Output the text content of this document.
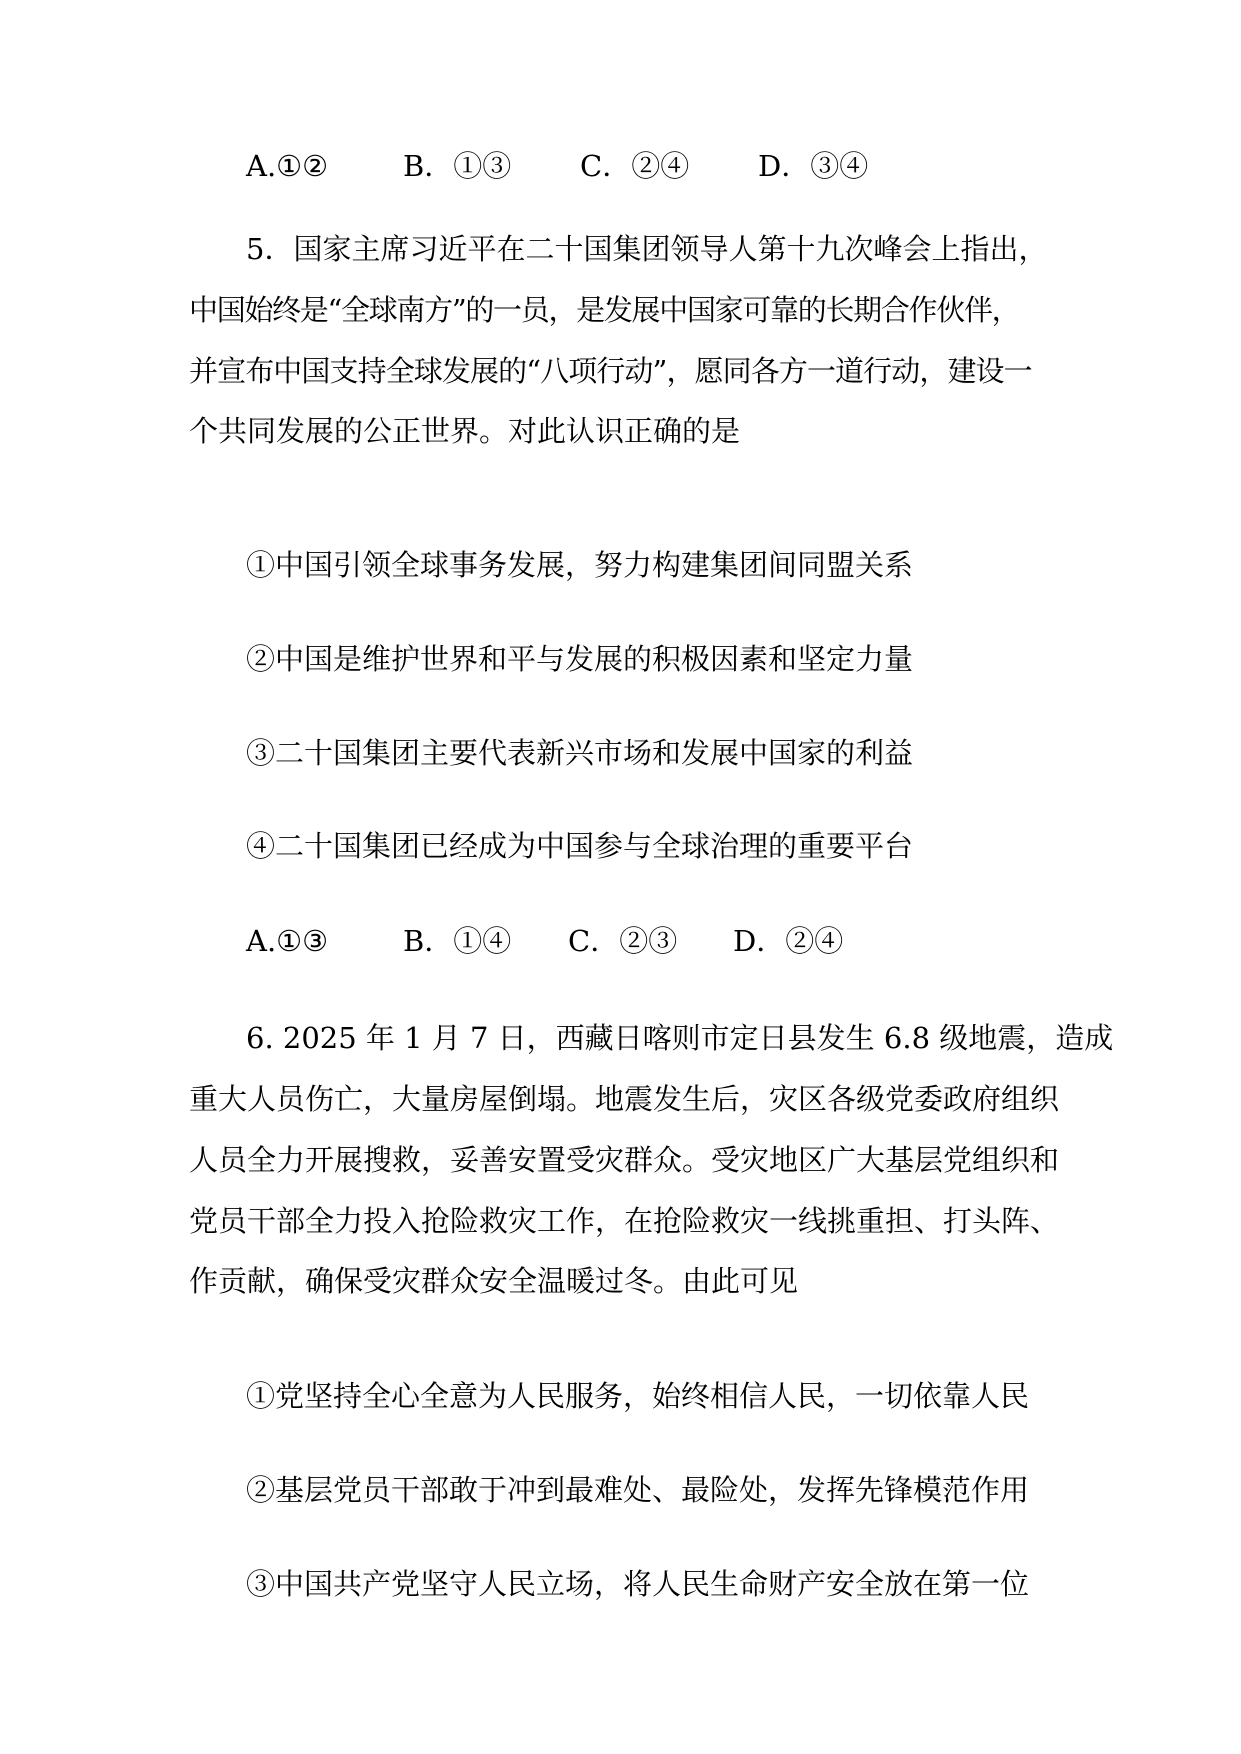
A.①②	B．①③ C．②④ D．③④

5．国家主席习近平在二十国集团领导人第十九次峰会上指出，

中国始终是“全球南方”的一员，是发展中国家可靠的长期合作伙伴，

并宣布中国支持全球发展的“八项行动”，愿同各方一道行动，建设一

个共同发展的公正世界。对此认识正确的是

①中国引领全球事务发展，努力构建集团间同盟关系

②中国是维护世界和平与发展的积极因素和坚定力量

③二十国集团主要代表新兴市场和发展中国家的利益

④二十国集团已经成为中国参与全球治理的重要平台

A.①③	B．①④ C．②③ D．②④

6. 2025 年 1 月 7 日，西藏日喀则市定日县发生 6.8 级地震，造成

重大人员伤亡，大量房屋倒塌。地震发生后，灾区各级党委政府组织

人员全力开展搜救，妥善安置受灾群众。受灾地区广大基层党组织和

党员干部全力投入抢险救灾工作，在抢险救灾一线挑重担、打头阵、

作贡献，确保受灾群众安全温暖过冬。由此可见

①党坚持全心全意为人民服务，始终相信人民，一切依靠人民

②基层党员干部敢于冲到最难处、最险处，发挥先锋模范作用

③中国共产党坚守人民立场，将人民生命财产安全放在第一位
